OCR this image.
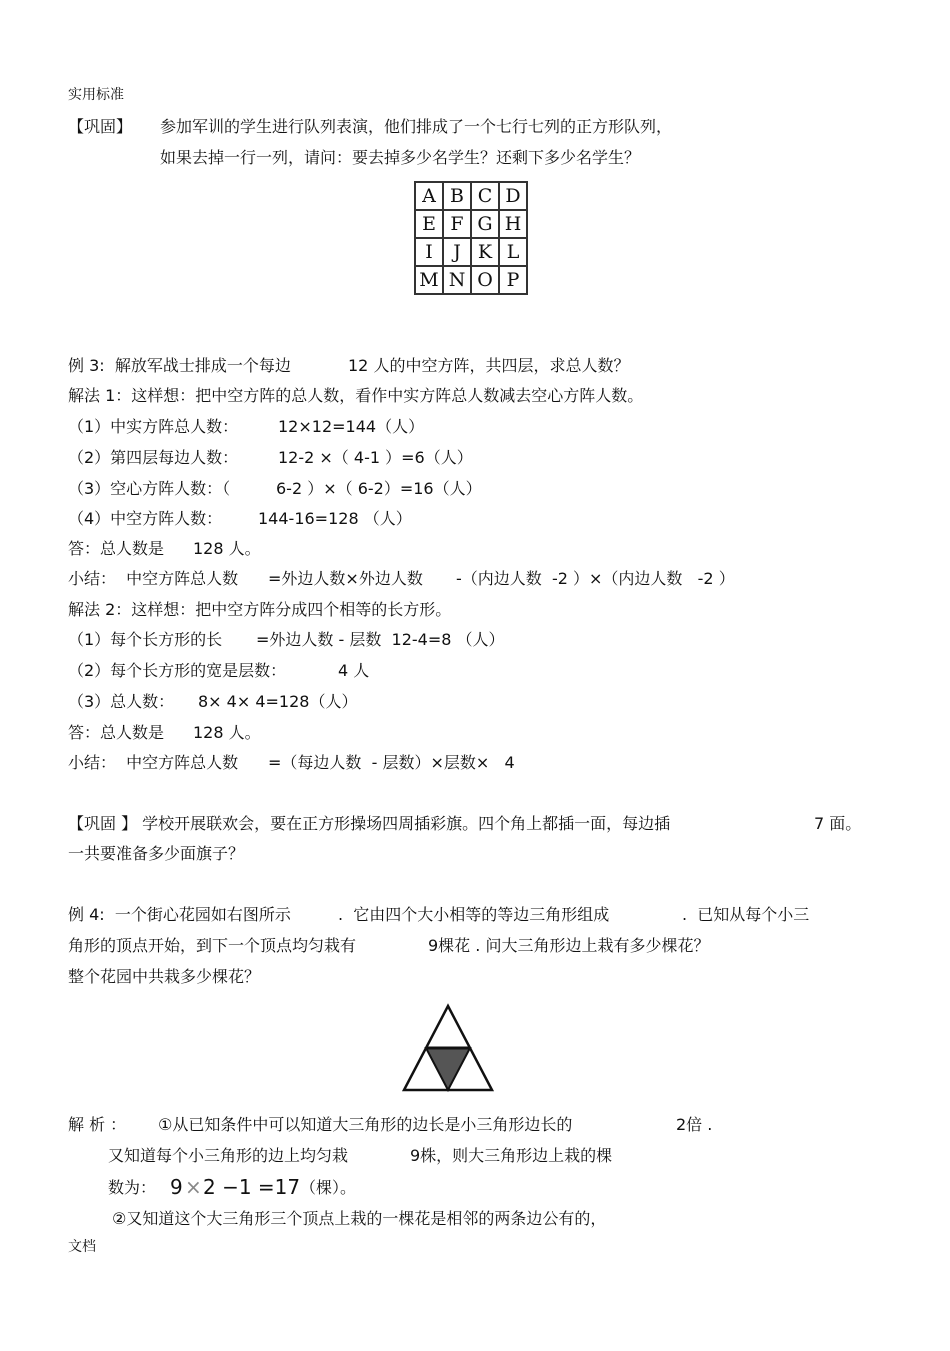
实用标准
【巩固】 参加军训的学生进行队列表演，他们排成了一个七行七列的正方形队列，
如果去掉一行一列，请问：要去掉多少名学生？还剩下多少名学生？
A	B	C	D
E	F	G	H
I	J	K	L
M	N	O	P
例 3:  解放军战士排成一个每边	12 人的中空方阵，共四层，求总人数？
解法 1：这样想：把中空方阵的总人数，看作中实方阵总人数减去空心方阵人数。
（1）中实方阵总人数： 12×12=144（人）
（2）第四层每边人数： 12-2 ×（ 4-1 ）=6（人）
（3）空心方阵人数：（	6-2 ）×（ 6-2）=16（人）
（4）中空方阵人数： 144-16=128 （人）
答：总人数是 128 人。
小结：  中空方阵总人数 =外边人数×外边人数 -（内边人数  -2 ）×（内边人数   -2 ）
解法 2：这样想：把中空方阵分成四个相等的长方形。
（1）每个长方形的长 =外边人数 - 层数  12-4=8 （人）
（2）每个长方形的宽是层数：	4 人
（3）总人数： 8× 4× 4=128（人）
答：总人数是 128 人。
小结：  中空方阵总人数 =（每边人数  - 层数）×层数×   4
【巩固 】 学校开展联欢会，要在正方形操场四周插彩旗。四个角上都插一面，每边插	7 面。
一共要准备多少面旗子？
例 4:  一个街心花园如右图所示	.  它由四个大小相等的等边三角形组成	.  已知从每个小三
角形的顶点开始，到下一个顶点均匀栽有	9棵花 . 问大三角形边上栽有多少棵花？
整个花园中共栽多少棵花？
解 析 ： ①从已知条件中可以知道大三角形的边长是小三角形边长的	2倍 .
又知道每个小三角形的边上均匀栽	9株，则大三角形边上栽的棵
数为： 9 × 2 −1 =17 （棵）。
②又知道这个大三角形三个顶点上栽的一棵花是相邻的两条边公有的，
文档
